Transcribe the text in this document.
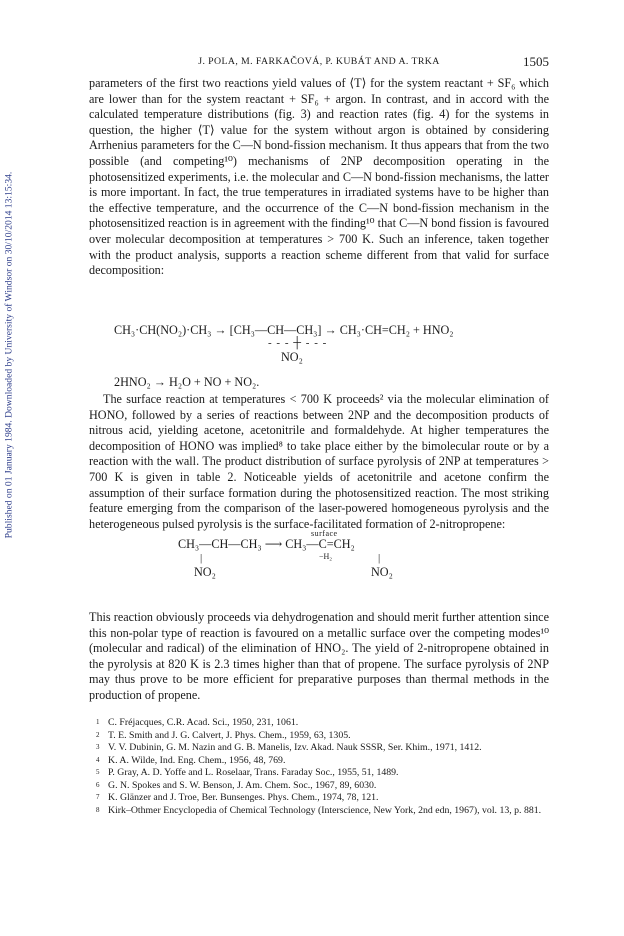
Published on 01 January 1984. Downloaded by University of Windsor on 30/10/2014 13:15:34.
J. POLA, M. FARKAČOVÁ, P. KUBÁT AND A. TRKA	1505

parameters of the first two reactions yield values of ⟨T⟩ for the system reactant + SF₆ which are lower than for the system reactant + SF₆ + argon. In contrast, and in accord with the calculated temperature distributions (fig. 3) and reaction rates (fig. 4) for the systems in question, the higher ⟨T⟩ value for the system without argon is obtained by considering Arrhenius parameters for the C—N bond-fission mechanism. It thus appears that from the two possible (and competing¹⁰) mechanisms of 2NP decomposition operating in the photosensitized experiments, i.e. the molecular and C—N bond-fission mechanisms, the latter is more important. In fact, the true temperatures in irradiated systems have to be higher than the effective temperature, and the occurrence of the C—N bond-fission mechanism in the photosensitized reaction is in agreement with the finding¹⁰ that C—N bond fission is favoured over molecular decomposition at temperatures > 700 K. Such an inference, taken together with the product analysis, supports a reaction scheme different from that valid for surface decomposition:

CH₃·CH(NO₂)·CH₃ → [CH₃—CH—CH₃] → CH₃·CH=CH₂ + HNO₂
- - - ┼ - - -
NO₂
2HNO₂ → H₂O + NO + NO₂.

The surface reaction at temperatures < 700 K proceeds² via the molecular elimination of HONO, followed by a series of reactions between 2NP and the decomposition products of nitrous acid, yielding acetone, acetonitrile and formaldehyde. At higher temperatures the decomposition of HONO was implied⁸ to take place either by the bimolecular route or by a reaction with the wall. The product distribution of surface pyrolysis of 2NP at temperatures > 700 K is given in table 2. Noticeable yields of acetonitrile and acetone confirm the assumption of their surface formation during the photosensitized reaction. The most striking feature emerging from the comparison of the laser-powered homogeneous pyrolysis and the heterogeneous pulsed pyrolysis is the surface-facilitated formation of 2-nitropropene:

surface
CH₃—CH—CH₃ ⟶ CH₃—C=CH₂
−H₂
|	|
NO₂	NO₂

This reaction obviously proceeds via dehydrogenation and should merit further attention since this non-polar type of reaction is favoured on a metallic surface over the competing modes¹⁰ (molecular and radical) of the elimination of HNO₂. The yield of 2-nitropropene obtained in the pyrolysis at 820 K is 2.3 times higher than that of propene. The surface pyrolysis of 2NP may thus prove to be more efficient for preparative purposes than thermal methods in the production of propene.

1 C. Fréjacques, C.R. Acad. Sci., 1950, 231, 1061.
2 T. E. Smith and J. G. Calvert, J. Phys. Chem., 1959, 63, 1305.
3 V. V. Dubinin, G. M. Nazin and G. B. Manelis, Izv. Akad. Nauk SSSR, Ser. Khim., 1971, 1412.
4 K. A. Wilde, Ind. Eng. Chem., 1956, 48, 769.
5 P. Gray, A. D. Yoffe and L. Roselaar, Trans. Faraday Soc., 1955, 51, 1489.
6 G. N. Spokes and S. W. Benson, J. Am. Chem. Soc., 1967, 89, 6030.
7 K. Glänzer and J. Troe, Ber. Bunsenges. Phys. Chem., 1974, 78, 121.
8 Kirk–Othmer Encyclopedia of Chemical Technology (Interscience, New York, 2nd edn, 1967), vol. 13, p. 881.
